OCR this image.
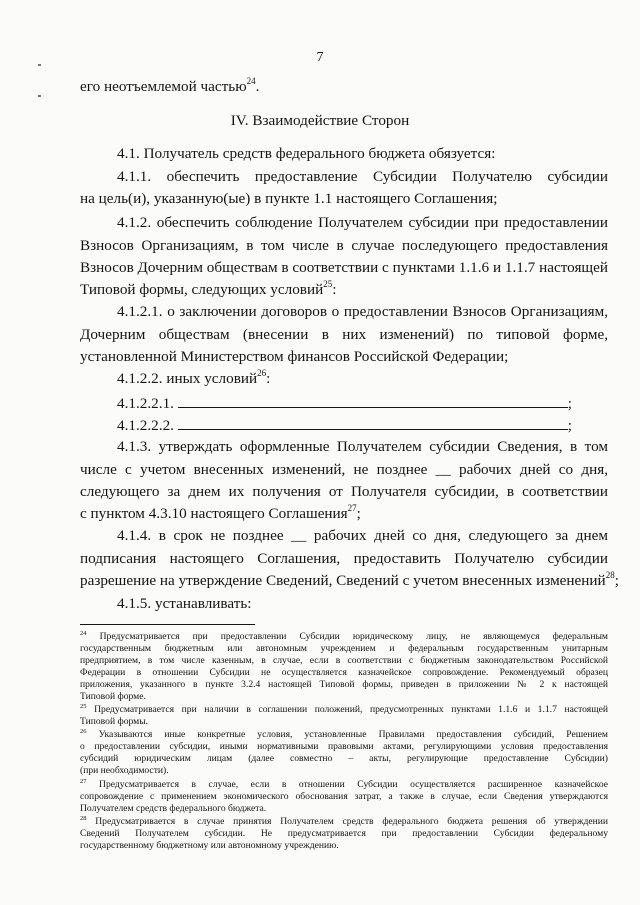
7
его неотъемлемой частью$^{24}$.
IV. Взаимодействие Сторон
4.1. Получатель средств федерального бюджета обязуется:
4.1.1. обеспечить предоставление Субсидии Получателю субсидии
на цель(и), указанную(ые) в пункте 1.1 настоящего Соглашения;
4.1.2. обеспечить соблюдение Получателем субсидии при предоставлении
Взносов Организациям, в том числе в случае последующего предоставления
Взносов Дочерним обществам в соответствии с пунктами 1.1.6 и 1.1.7 настоящей
Типовой формы, следующих условий$^{25}$:
4.1.2.1. о заключении договоров о предоставлении Взносов Организациям,
Дочерним обществам (внесении в них изменений) по типовой форме,
установленной Министерством финансов Российской Федерации;
4.1.2.2. иных условий$^{26}$:
4.1.2.2.1.	;
4.1.2.2.2.	;
4.1.3. утверждать оформленные Получателем субсидии Сведения, в том
числе с учетом внесенных изменений, не позднее __ рабочих дней со дня,
следующего за днем их получения от Получателя субсидии, в соответствии
с пунктом 4.3.10 настоящего Соглашения$^{27}$;
4.1.4. в срок не позднее __ рабочих дней со дня, следующего за днем
подписания настоящего Соглашения, предоставить Получателю субсидии
разрешение на утверждение Сведений, Сведений с учетом внесенных изменений$^{28}$;
4.1.5. устанавливать:
$^{24}$ Предусматривается при предоставлении Субсидии юридическому лицу, не являющемуся федеральным
государственным бюджетным или автономным учреждением и федеральным государственным унитарным
предприятием, в том числе казенным, в случае, если в соответствии с бюджетным законодательством Российской
Федерации в отношении Субсидии не осуществляется казначейское сопровождение. Рекомендуемый образец
приложения, указанного в пункте 3.2.4 настоящей Типовой формы, приведен в приложении № 2 к настоящей
Типовой форме.
$^{25}$ Предусматривается при наличии в соглашении положений, предусмотренных пунктами 1.1.6 и 1.1.7 настоящей
Типовой формы.
$^{26}$ Указываются иные конкретные условия, установленные Правилами предоставления субсидий, Решением
о предоставлении субсидии, иными нормативными правовыми актами, регулирующими условия предоставления
субсидий юридическим лицам (далее совместно – акты, регулирующие предоставление Субсидии)
(при необходимости).
$^{27}$ Предусматривается в случае, если в отношении Субсидии осуществляется расширенное казначейское
сопровождение с применением экономического обоснования затрат, а также в случае, если Сведения утверждаются
Получателем средств федерального бюджета.
$^{28}$ Предусматривается в случае принятия Получателем средств федерального бюджета решения об утверждении
Сведений Получателем субсидии. Не предусматривается при предоставлении Субсидии федеральному
государственному бюджетному или автономному учреждению.
